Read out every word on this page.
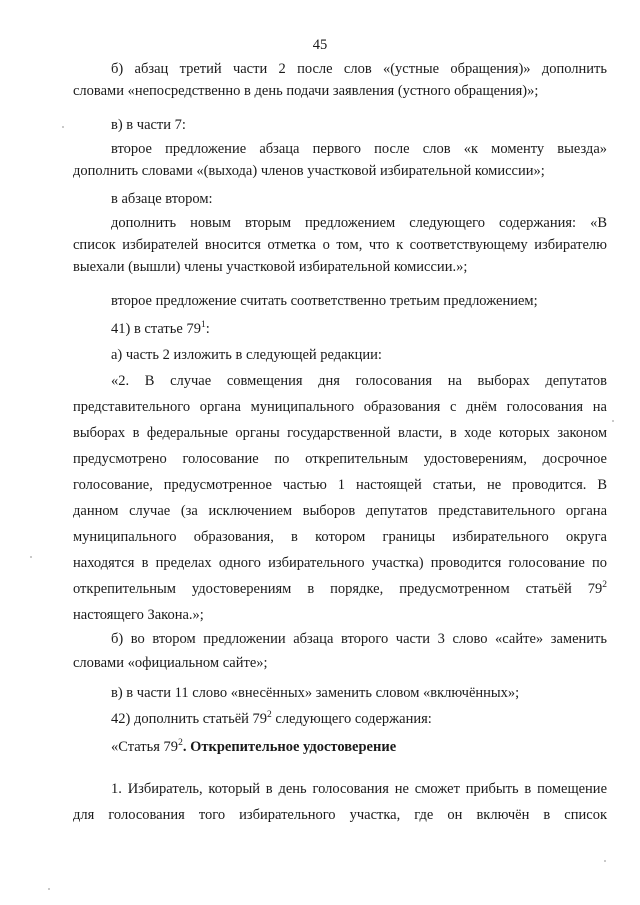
45

б) абзац третий части 2 после слов «(устные обращения)» дополнить
словами «непосредственно в день подачи заявления (устного обращения)»;

в) в части 7:

второе предложение абзаца первого после слов «к моменту выезда»
дополнить словами «(выхода) членов участковой избирательной комиссии»;

в абзаце втором:

дополнить новым вторым предложением следующего содержания: «В
список избирателей вносится отметка о том, что к соответствующему избирателю
выехали (вышли) члены участковой избирательной комиссии.»;

второе предложение считать соответственно третьим предложением;

41) в статье $79^1$:

а) часть 2 изложить в следующей редакции:

«2. В случае совмещения дня голосования на выборах депутатов
представительного органа муниципального образования с днём голосования на
выборах в федеральные органы государственной власти, в ходе которых законом
предусмотрено голосование по открепительным удостоверениям, досрочное
голосование, предусмотренное частью 1 настоящей статьи, не проводится. В
данном случае (за исключением выборов депутатов представительного органа
муниципального образования, в котором границы избирательного округа
находятся в пределах одного избирательного участка) проводится голосование по
открепительным удостоверениям в порядке, предусмотренном статьёй $79^2$
настоящего Закона.»;

б) во втором предложении абзаца второго части 3 слово «сайте» заменить
словами «официальном сайте»;

в) в части 11 слово «внесённых» заменить словом «включённых»;

42) дополнить статьёй $79^2$ следующего содержания:

«Статья $79^2$. Открепительное удостоверение

1. Избиратель, который в день голосования не сможет прибыть в помещение
для голосования того избирательного участка, где он включён в список
